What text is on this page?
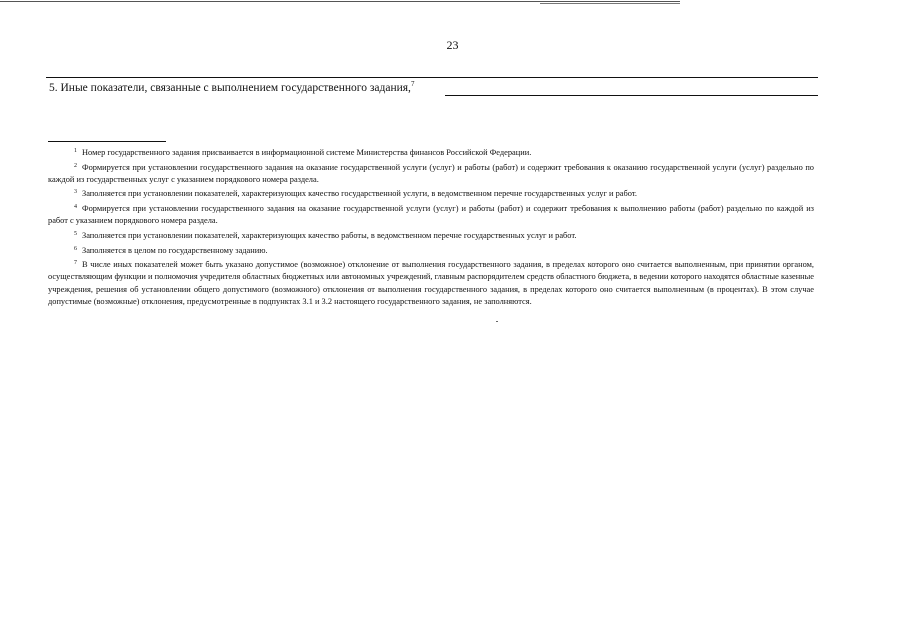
23
5. Иные показатели, связанные с выполнением государственного задания,$^7$

$^1$ Номер государственного задания присваивается в информационной системе Министерства финансов Российской Федерации.

$^2$ Формируется при установлении государственного задания на оказание государственной услуги (услуг) и работы (работ) и содержит требования к оказанию государственной услуги (услуг) раздельно по каждой из государственных услуг с указанием порядкового номера раздела.

$^3$ Заполняется при установлении показателей, характеризующих качество государственной услуги, в ведомственном перечне государственных услуг и работ.

$^4$ Формируется при установлении государственного задания на оказание государственной услуги (услуг) и работы (работ) и содержит требования к выполнению работы (работ) раздельно по каждой из работ с указанием порядкового номера раздела.

$^5$ Заполняется при установлении показателей, характеризующих качество работы, в ведомственном перечне государственных услуг и работ.

$^6$ Заполняется в целом по государственному заданию.

$^7$ В числе иных показателей может быть указано допустимое (возможное) отклонение от выполнения государственного задания, в пределах которого оно считается выполненным, при принятии органом, осуществляющим функции и полномочия учредителя областных бюджетных или автономных учреждений, главным распорядителем средств областного бюджета, в ведении которого находятся областные казенные учреждения, решения об установлении общего допустимого (возможного) отклонения от выполнения государственного задания, в пределах которого оно считается выполненным (в процентах). В этом случае допустимые (возможные) отклонения, предусмотренные в подпунктах 3.1 и 3.2 настоящего государственного задания, не заполняются.
